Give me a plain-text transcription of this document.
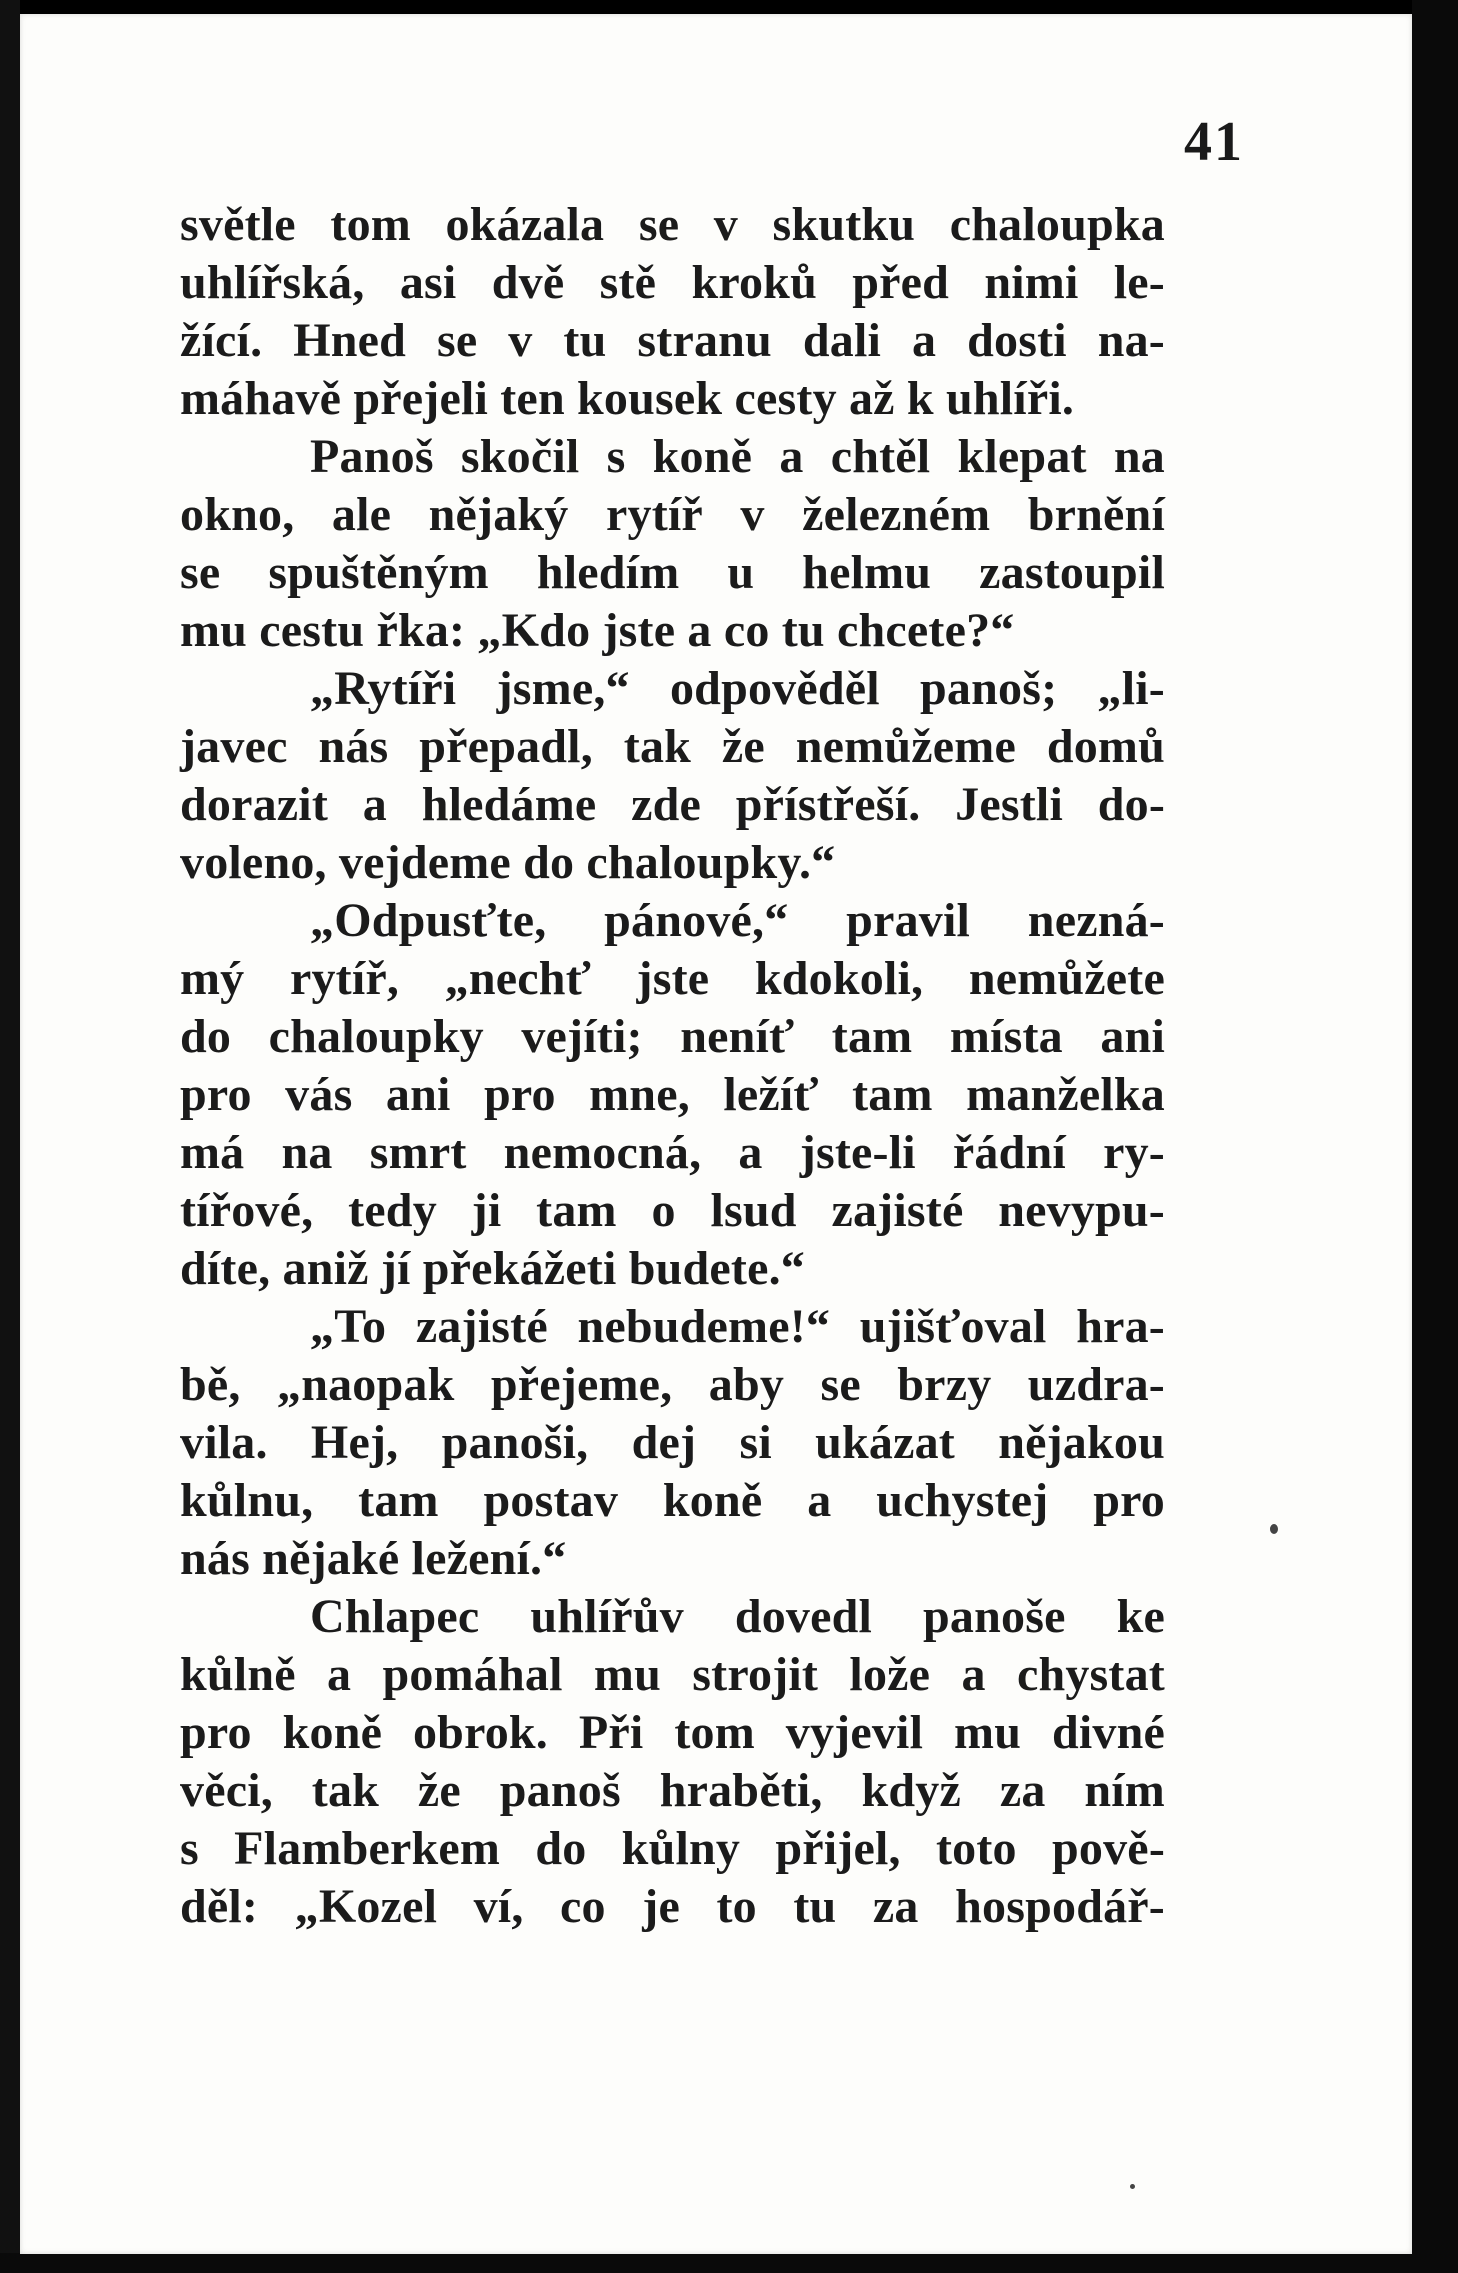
41
světle tom okázala se v skutku chaloupka
uhlířská, asi dvě stě kroků před nimi le-
žící. Hned se v tu stranu dali a dosti na-
máhavě přejeli ten kousek cesty až k uhlíři.
Panoš skočil s koně a chtěl klepat na
okno, ale nějaký rytíř v železném brnění
se spuštěným hledím u helmu zastoupil
mu cestu řka: „Kdo jste a co tu chcete?“
„Rytíři jsme,“ odpověděl panoš; „li-
javec nás přepadl, tak že nemůžeme domů
dorazit a hledáme zde přístřeší. Jestli do-
voleno, vejdeme do chaloupky.“
„Odpusťte, pánové,“ pravil nezná-
mý rytíř, „nechť jste kdokoli, nemůžete
do chaloupky vejíti; neníť tam místa ani
pro vás ani pro mne, ležíť tam manželka
má na smrt nemocná, a jste-li řádní ry-
tířové, tedy ji tam o lsud zajisté nevypu-
díte, aniž jí překážeti budete.“
„To zajisté nebudeme!“ ujišťoval hra-
bě, „naopak přejeme, aby se brzy uzdra-
vila. Hej, panoši, dej si ukázat nějakou
kůlnu, tam postav koně a uchystej pro
nás nějaké ležení.“
Chlapec uhlířův dovedl panoše ke
kůlně a pomáhal mu strojit lože a chystat
pro koně obrok. Při tom vyjevil mu divné
věci, tak že panoš hraběti, když za ním
s Flamberkem do kůlny přijel, toto pově-
děl: „Kozel ví, co je to tu za hospodář-
